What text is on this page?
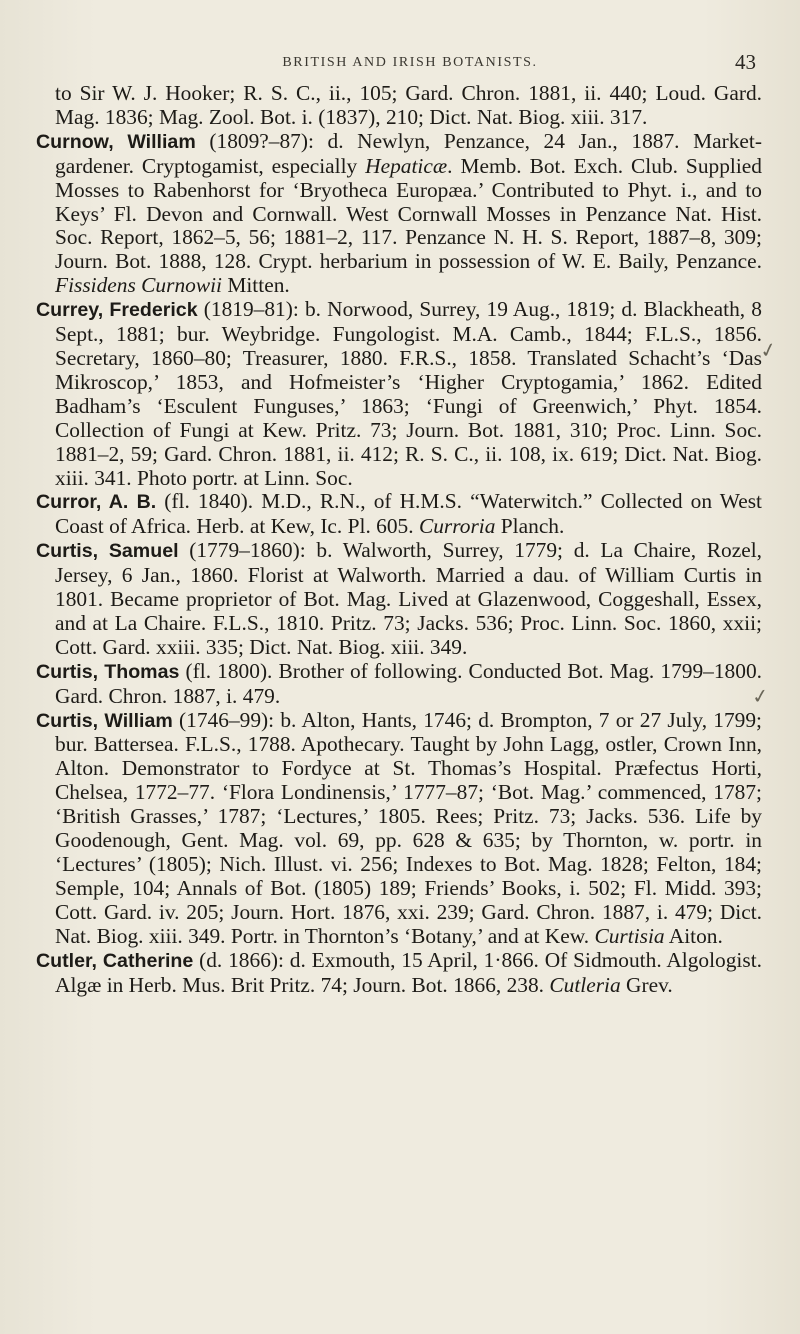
BRITISH AND IRISH BOTANISTS.	43
✓
✓

to Sir W. J. Hooker; R. S. C., ii., 105; Gard. Chron. 1881, ii. 440; Loud. Gard. Mag. 1836; Mag. Zool. Bot. i. (1837), 210; Dict. Nat. Biog. xiii. 317.

Curnow, William (1809?–87): d. Newlyn, Penzance, 24 Jan., 1887. Market-gardener. Cryptogamist, especially Hepaticæ. Memb. Bot. Exch. Club. Supplied Mosses to Rabenhorst for ‘Bryotheca Europæa.’ Contributed to Phyt. i., and to Keys’ Fl. Devon and Cornwall. West Cornwall Mosses in Penzance Nat. Hist. Soc. Report, 1862–5, 56; 1881–2, 117. Penzance N. H. S. Report, 1887–8, 309; Journ. Bot. 1888, 128. Crypt. herbarium in possession of W. E. Baily, Penzance. Fissidens Curnowii Mitten.

Currey, Frederick (1819–81): b. Norwood, Surrey, 19 Aug., 1819; d. Blackheath, 8 Sept., 1881; bur. Weybridge. Fungologist. M.A. Camb., 1844; F.L.S., 1856. Secretary, 1860–80; Treasurer, 1880. F.R.S., 1858. Translated Schacht’s ‘Das Mikroscop,’ 1853, and Hofmeister’s ‘Higher Cryptogamia,’ 1862. Edited Badham’s ‘Esculent Funguses,’ 1863; ‘Fungi of Greenwich,’ Phyt. 1854. Collection of Fungi at Kew. Pritz. 73; Journ. Bot. 1881, 310; Proc. Linn. Soc. 1881–2, 59; Gard. Chron. 1881, ii. 412; R. S. C., ii. 108, ix. 619; Dict. Nat. Biog. xiii. 341. Photo portr. at Linn. Soc.

Curror, A. B. (fl. 1840). M.D., R.N., of H.M.S. “Waterwitch.” Collected on West Coast of Africa. Herb. at Kew, Ic. Pl. 605. Curroria Planch.

Curtis, Samuel (1779–1860): b. Walworth, Surrey, 1779; d. La Chaire, Rozel, Jersey, 6 Jan., 1860. Florist at Walworth. Married a dau. of William Curtis in 1801. Became proprietor of Bot. Mag. Lived at Glazenwood, Coggeshall, Essex, and at La Chaire. F.L.S., 1810. Pritz. 73; Jacks. 536; Proc. Linn. Soc. 1860, xxii; Cott. Gard. xxiii. 335; Dict. Nat. Biog. xiii. 349.

Curtis, Thomas (fl. 1800). Brother of following. Conducted Bot. Mag. 1799–1800. Gard. Chron. 1887, i. 479.

Curtis, William (1746–99): b. Alton, Hants, 1746; d. Brompton, 7 or 27 July, 1799; bur. Battersea. F.L.S., 1788. Apothecary. Taught by John Lagg, ostler, Crown Inn, Alton. Demonstrator to Fordyce at St. Thomas’s Hospital. Præfectus Horti, Chelsea, 1772–77. ‘Flora Londinensis,’ 1777–87; ‘Bot. Mag.’ commenced, 1787; ‘British Grasses,’ 1787; ‘Lectures,’ 1805. Rees; Pritz. 73; Jacks. 536. Life by Goodenough, Gent. Mag. vol. 69, pp. 628 & 635; by Thornton, w. portr. in ‘Lectures’ (1805); Nich. Illust. vi. 256; Indexes to Bot. Mag. 1828; Felton, 184; Semple, 104; Annals of Bot. (1805) 189; Friends’ Books, i. 502; Fl. Midd. 393; Cott. Gard. iv. 205; Journ. Hort. 1876, xxi. 239; Gard. Chron. 1887, i. 479; Dict. Nat. Biog. xiii. 349. Portr. in Thornton’s ‘Botany,’ and at Kew. Curtisia Aiton.

Cutler, Catherine (d. 1866): d. Exmouth, 15 April, 1·866. Of Sidmouth. Algologist. Algæ in Herb. Mus. Brit Pritz. 74; Journ. Bot. 1866, 238. Cutleria Grev.
